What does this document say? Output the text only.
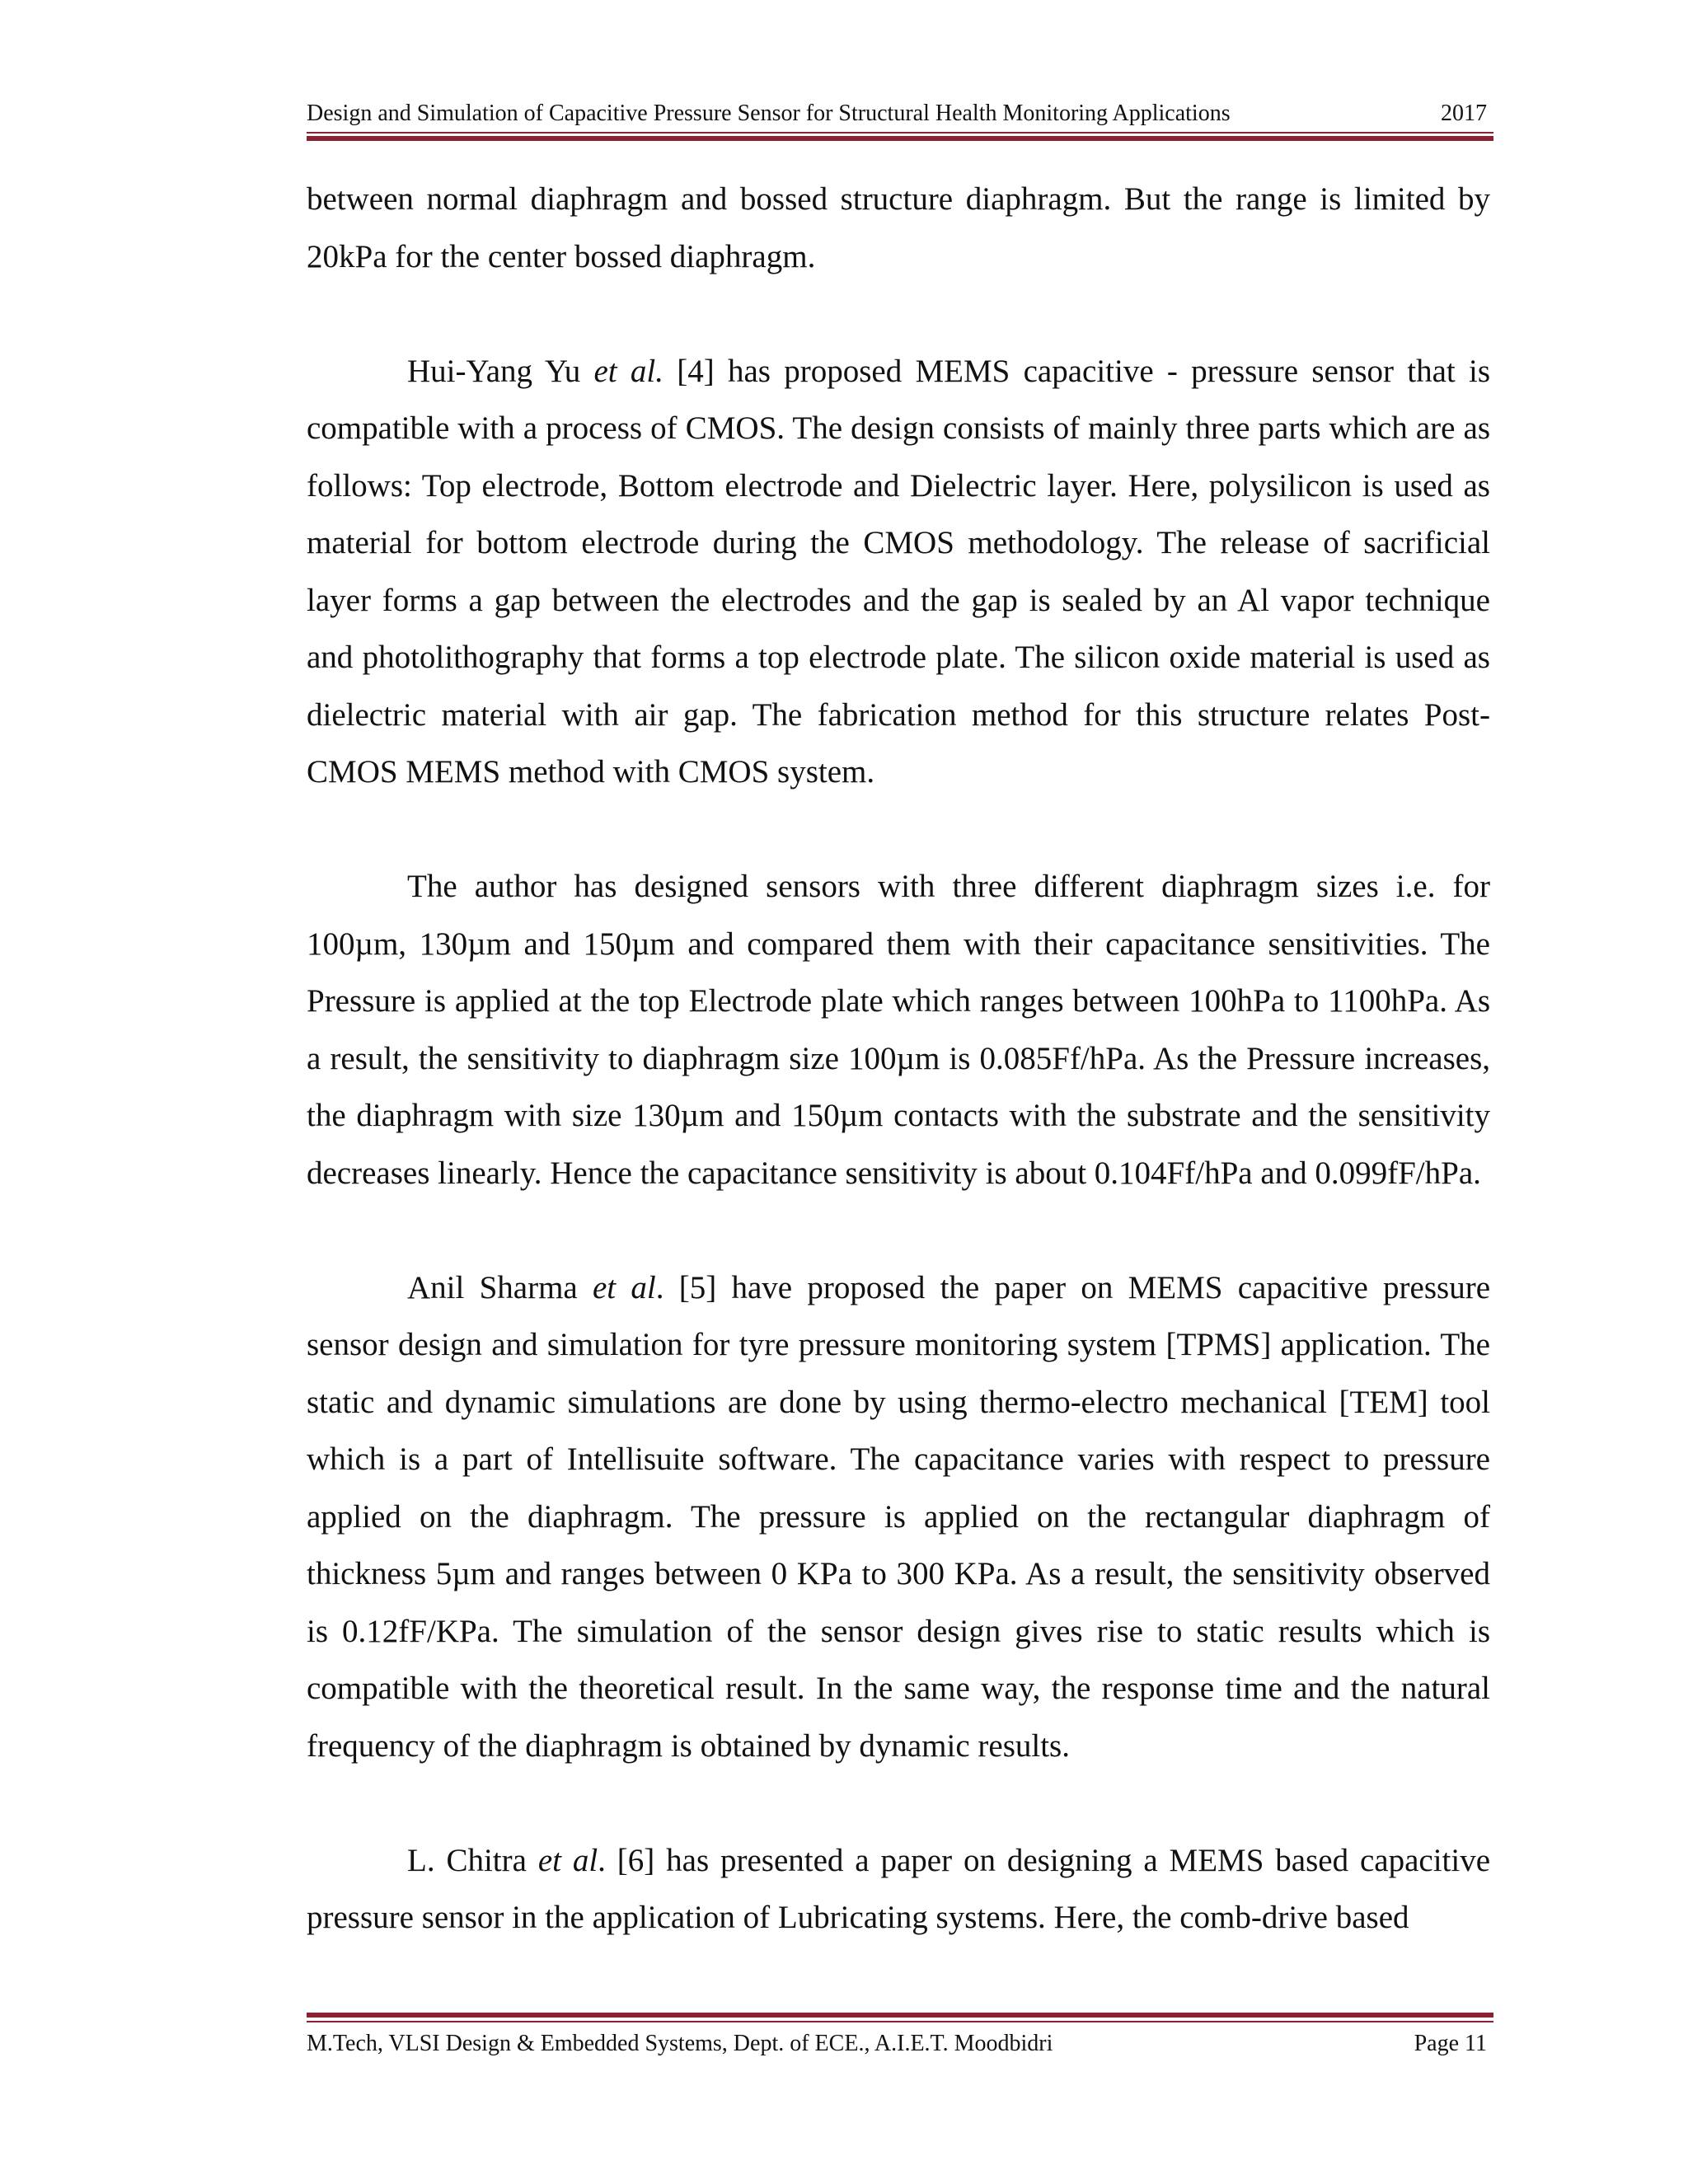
Design and Simulation of Capacitive Pressure Sensor for Structural Health Monitoring Applications	2017

between normal diaphragm and bossed structure diaphragm. But the range is limited by 20kPa for the center bossed diaphragm.

Hui-Yang Yu et al. [4] has proposed MEMS capacitive - pressure sensor that is compatible with a process of CMOS. The design consists of mainly three parts which are as follows: Top electrode, Bottom electrode and Dielectric layer. Here, polysilicon is used as material for bottom electrode during the CMOS methodology. The release of sacrificial layer forms a gap between the electrodes and the gap is sealed by an Al vapor technique and photolithography that forms a top electrode plate. The silicon oxide material is used as dielectric material with air gap. The fabrication method for this structure relates Post-CMOS MEMS method with CMOS system.

The author has designed sensors with three different diaphragm sizes i.e. for 100µm, 130µm and 150µm and compared them with their capacitance sensitivities. The Pressure is applied at the top Electrode plate which ranges between 100hPa to 1100hPa. As a result, the sensitivity to diaphragm size 100µm is 0.085Ff/hPa. As the Pressure increases, the diaphragm with size 130µm and 150µm contacts with the substrate and the sensitivity decreases linearly. Hence the capacitance sensitivity is about 0.104Ff/hPa and 0.099fF/hPa.

Anil Sharma et al. [5] have proposed the paper on MEMS capacitive pressure sensor design and simulation for tyre pressure monitoring system [TPMS] application. The static and dynamic simulations are done by using thermo-electro mechanical [TEM] tool which is a part of Intellisuite software. The capacitance varies with respect to pressure applied on the diaphragm. The pressure is applied on the rectangular diaphragm of thickness 5µm and ranges between 0 KPa to 300 KPa. As a result, the sensitivity observed is 0.12fF/KPa. The simulation of the sensor design gives rise to static results which is compatible with the theoretical result. In the same way, the response time and the natural frequency of the diaphragm is obtained by dynamic results.

L. Chitra et al. [6] has presented a paper on designing a MEMS based capacitive pressure sensor in the application of Lubricating systems. Here, the comb-drive based

M.Tech, VLSI Design & Embedded Systems, Dept. of ECE., A.I.E.T. Moodbidri	Page 11
